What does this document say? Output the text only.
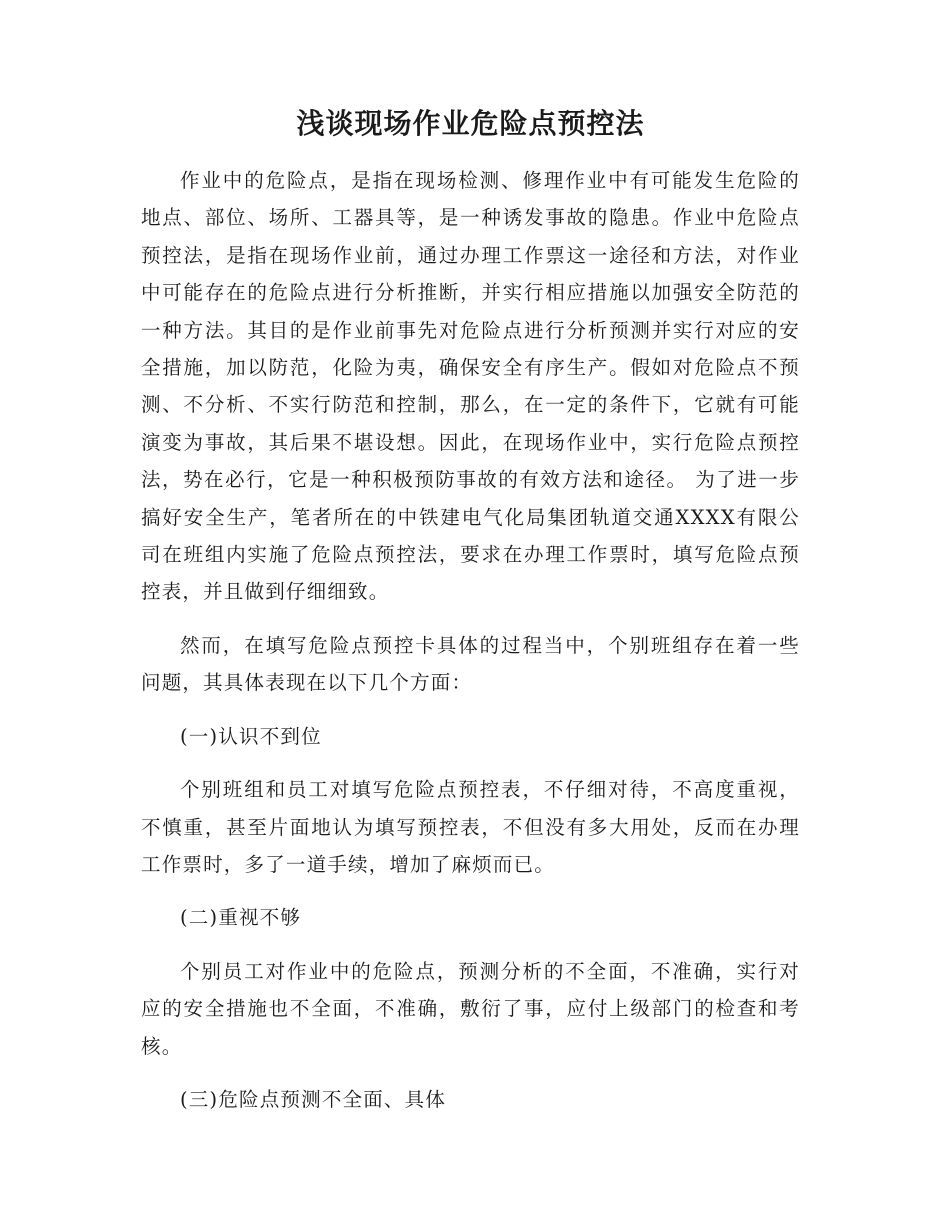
浅谈现场作业危险点预控法

作业中的危险点，是指在现场检测、修理作业中有可能发生危险的地点、部位、场所、工器具等，是一种诱发事故的隐患。作业中危险点预控法，是指在现场作业前，通过办理工作票这一途径和方法，对作业中可能存在的危险点进行分析推断，并实行相应措施以加强安全防范的一种方法。其目的是作业前事先对危险点进行分析预测并实行对应的安全措施，加以防范，化险为夷，确保安全有序生产。假如对危险点不预测、不分析、不实行防范和控制，那么，在一定的条件下，它就有可能演变为事故，其后果不堪设想。因此，在现场作业中，实行危险点预控法，势在必行，它是一种积极预防事故的有效方法和途径。 为了进一步搞好安全生产，笔者所在的中铁建电气化局集团轨道交通XXXX有限公司在班组内实施了危险点预控法，要求在办理工作票时，填写危险点预控表，并且做到仔细细致。

然而，在填写危险点预控卡具体的过程当中，个别班组存在着一些问题，其具体表现在以下几个方面：

(一)认识不到位

个别班组和员工对填写危险点预控表，不仔细对待，不高度重视，不慎重，甚至片面地认为填写预控表，不但没有多大用处，反而在办理工作票时，多了一道手续，增加了麻烦而已。

(二)重视不够

个别员工对作业中的危险点，预测分析的不全面，不准确，实行对应的安全措施也不全面，不准确，敷衍了事，应付上级部门的检查和考核。

(三)危险点预测不全面、具体
